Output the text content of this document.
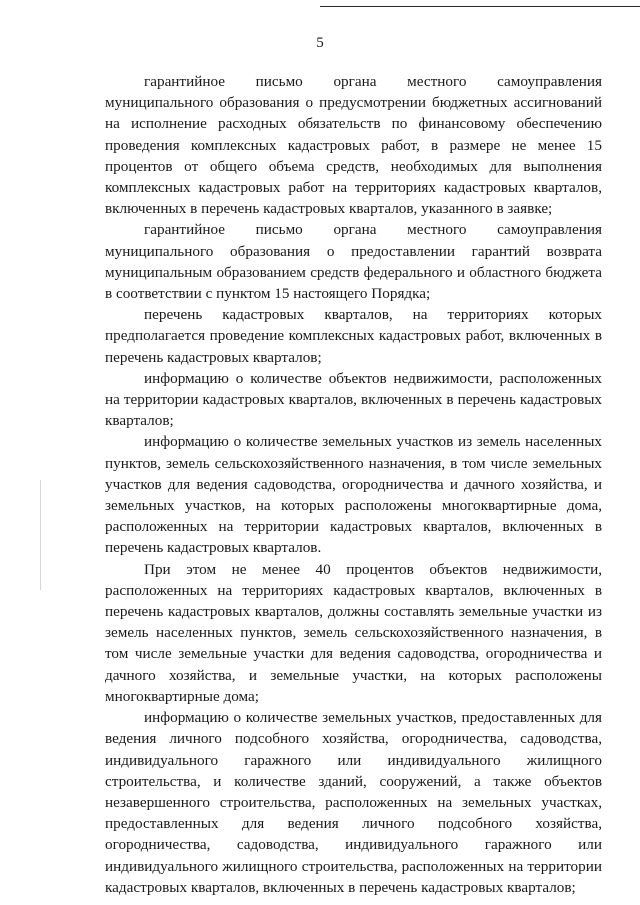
5

гарантийное письмо органа местного самоуправления муниципального образования о предусмотрении бюджетных ассигнований на исполнение расходных обязательств по финансовому обеспечению проведения комплексных кадастровых работ, в размере не менее 15 процентов от общего объема средств, необходимых для выполнения комплексных кадастровых работ на территориях кадастровых кварталов, включенных в перечень кадастровых кварталов, указанного в заявке;

гарантийное письмо органа местного самоуправления муниципального образования о предоставлении гарантий возврата муниципальным образованием средств федерального и областного бюджета в соответствии с пунктом 15 настоящего Порядка;

перечень кадастровых кварталов, на территориях которых предполагается проведение комплексных кадастровых работ, включенных в перечень кадастровых кварталов;

информацию о количестве объектов недвижимости, расположенных на территории кадастровых кварталов, включенных в перечень кадастровых кварталов;

информацию о количестве земельных участков из земель населенных пунктов, земель сельскохозяйственного назначения, в том числе земельных участков для ведения садоводства, огородничества и дачного хозяйства, и земельных участков, на которых расположены многоквартирные дома, расположенных на территории кадастровых кварталов, включенных в перечень кадастровых кварталов.

При этом не менее 40 процентов объектов недвижимости, расположенных на территориях кадастровых кварталов, включенных в перечень кадастровых кварталов, должны составлять земельные участки из земель населенных пунктов, земель сельскохозяйственного назначения, в том числе земельные участки для ведения садоводства, огородничества и дачного хозяйства, и земельные участки, на которых расположены многоквартирные дома;

информацию о количестве земельных участков, предоставленных для ведения личного подсобного хозяйства, огородничества, садоводства, индивидуального гаражного или индивидуального жилищного строительства, и количестве зданий, сооружений, а также объектов незавершенного строительства, расположенных на земельных участках, предоставленных для ведения личного подсобного хозяйства, огородничества, садоводства, индивидуального гаражного или индивидуального жилищного строительства, расположенных на территории кадастровых кварталов, включенных в перечень кадастровых кварталов;
